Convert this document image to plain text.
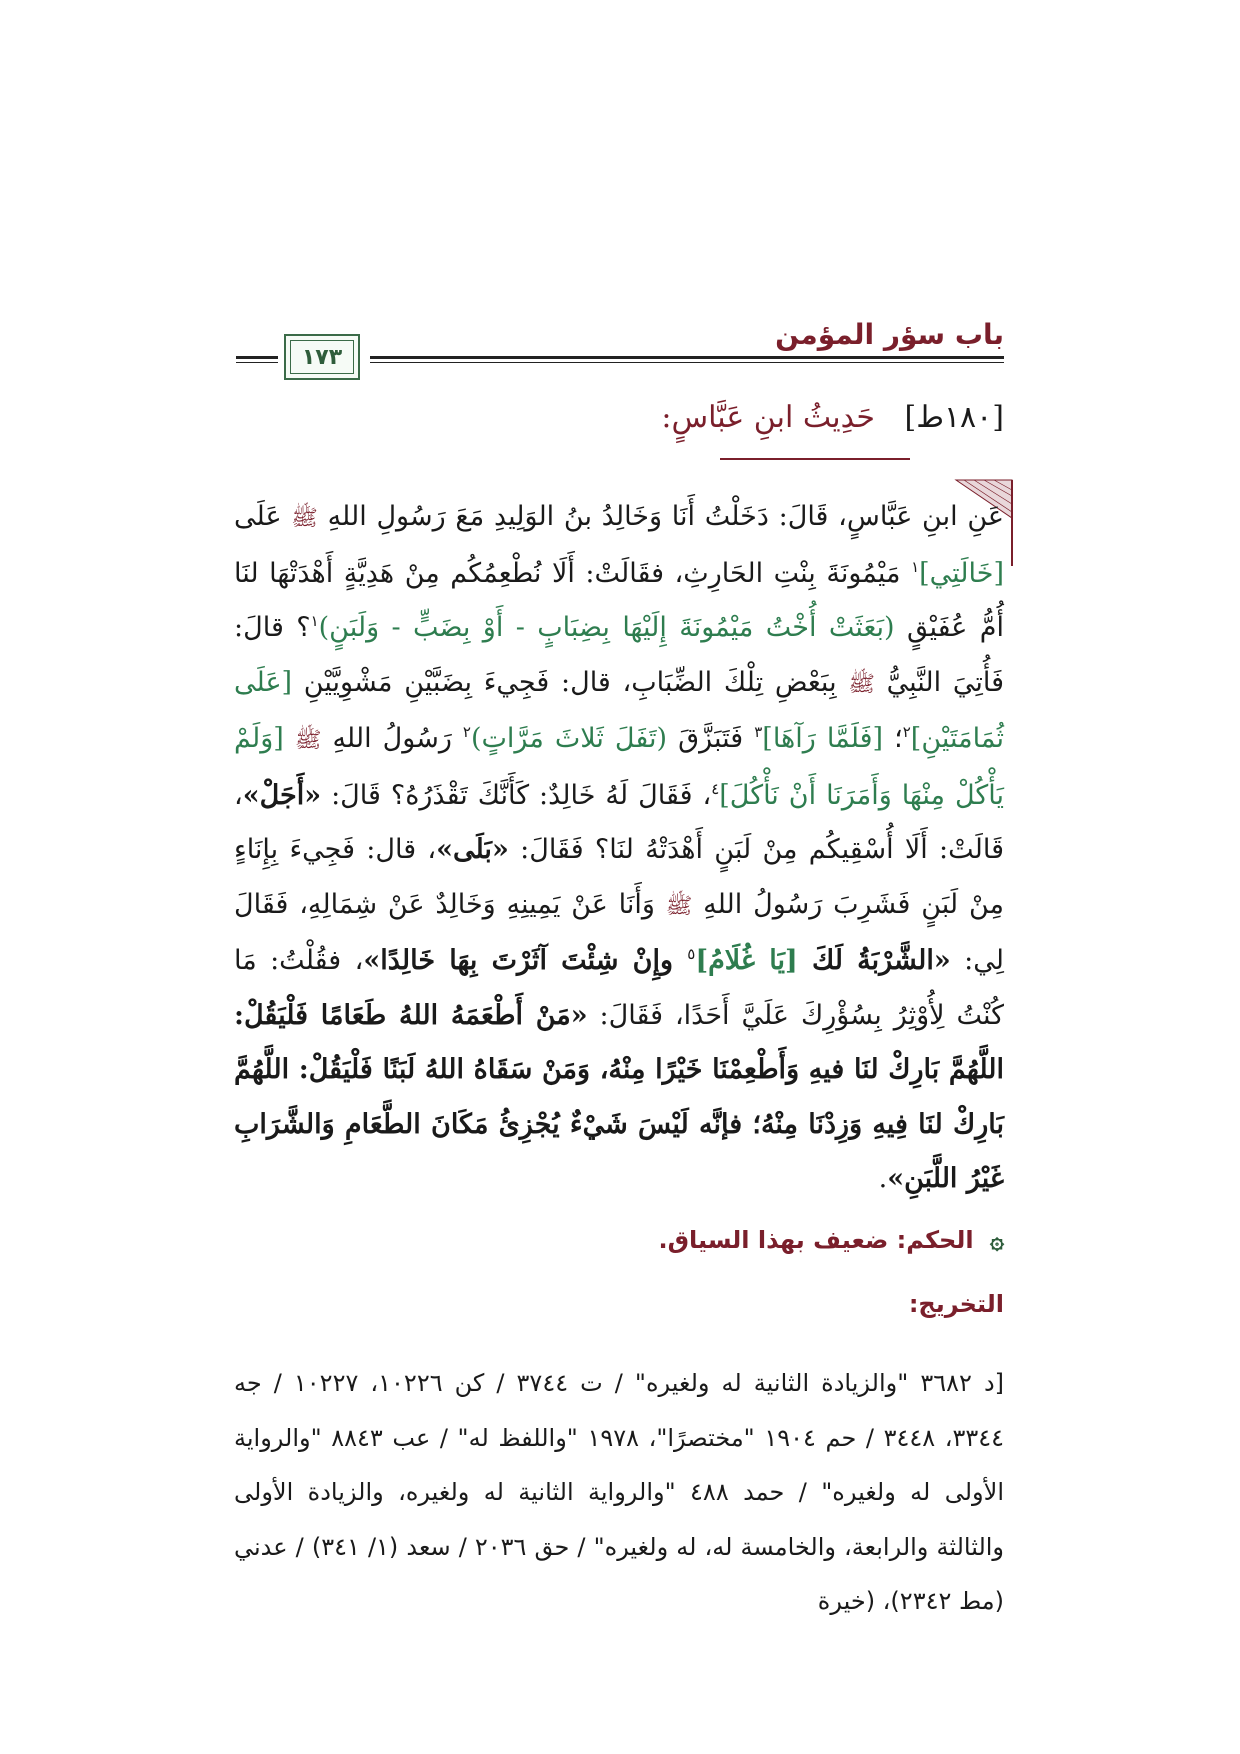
باب سؤر المؤمن
١٧٣
[١٨٠ط] حَدِيثُ ابنِ عَبَّاسٍ:

عَنِ ابنِ عَبَّاسٍ، قَالَ: دَخَلْتُ أَنَا وَخَالِدُ بنُ الوَلِيدِ مَعَ رَسُولِ اللهِ ﷺ عَلَى [خَالَتِي]$^١$ مَيْمُونَةَ بِنْتِ الحَارِثِ، فقَالَتْ: أَلَا نُطْعِمُكُم مِنْ هَدِيَّةٍ أَهْدَتْهَا لنَا أُمُّ عُفَيْقٍ (بَعَثَتْ أُخْتُ مَيْمُونَةَ إِلَيْهَا بِضِبَابٍ - أَوْ بِضَبٍّ - وَلَبَنٍ)$^١$؟ قالَ: فَأُتِيَ النَّبِيُّ ﷺ بِبَعْضِ تِلْكَ الضِّبَابِ، قال: فَجِيءَ بِضَبَّيْنِ مَشْوِيَّيْنِ [عَلَى ثُمَامَتَيْنِ]$^٢$؛ [فَلَمَّا رَآهَا]$^٣$ فَتَبَزَّقَ (تَفَلَ ثَلاثَ مَرَّاتٍ)$^٢$ رَسُولُ اللهِ ﷺ [وَلَمْ يَأْكُلْ مِنْهَا وَأَمَرَنَا أَنْ نَأْكُلَ]$^٤$، فَقَالَ لَهُ خَالِدٌ: كَأَنَّكَ تَقْذَرُهُ؟ قَالَ: «أَجَلْ»، قَالَتْ: أَلَا أُسْقِيكُم مِنْ لَبَنٍ أَهْدَتْهُ لنَا؟ فَقَالَ: «بَلَى»، قال: فَجِيءَ بِإِنَاءٍ مِنْ لَبَنٍ فَشَرِبَ رَسُولُ اللهِ ﷺ وَأَنَا عَنْ يَمِينِهِ وَخَالِدٌ عَنْ شِمَالِهِ، فَقَالَ لِي: «الشَّرْبَةُ لَكَ [يَا غُلَامُ]$^٥$ وإِنْ شِئْتَ آثَرْتَ بِهَا خَالِدًا»، فقُلْتُ: مَا كُنْتُ لِأُوْثِرُ بِسُؤْرِكَ عَلَيَّ أَحَدًا، فَقَالَ: «مَنْ أَطْعَمَهُ اللهُ طَعَامًا فَلْيَقُلْ: اللَّهُمَّ بَارِكْ لنَا فيهِ وَأَطْعِمْنَا خَيْرًا مِنْهُ، وَمَنْ سَقَاهُ اللهُ لَبَنًا فَلْيَقُلْ: اللَّهُمَّ بَارِكْ لنَا فِيهِ وَزِدْنَا مِنْهُ؛ فإنَّه لَيْسَ شَيْءٌ يُجْزِئُ مَكَانَ الطَّعَامِ وَالشَّرَابِ غَيْرُ اللَّبَنِ».

۞ الحكم: ضعيف بهذا السياق.
التخريج:

[د ٣٦٨٢ "والزيادة الثانية له ولغيره" / ت ٣٧٤٤ / كن ١٠٢٢٦، ١٠٢٢٧ / جه ٣٣٤٤، ٣٤٤٨ / حم ١٩٠٤ "مختصرًا"، ١٩٧٨ "واللفظ له" / عب ٨٨٤٣ "والرواية الأولى له ولغيره" / حمد ٤٨٨ "والرواية الثانية له ولغيره، والزيادة الأولى والثالثة والرابعة، والخامسة له، له ولغيره" / حق ٢٠٣٦ / سعد (١/ ٣٤١) / عدني (مط ٢٣٤٢)، (خيرة
